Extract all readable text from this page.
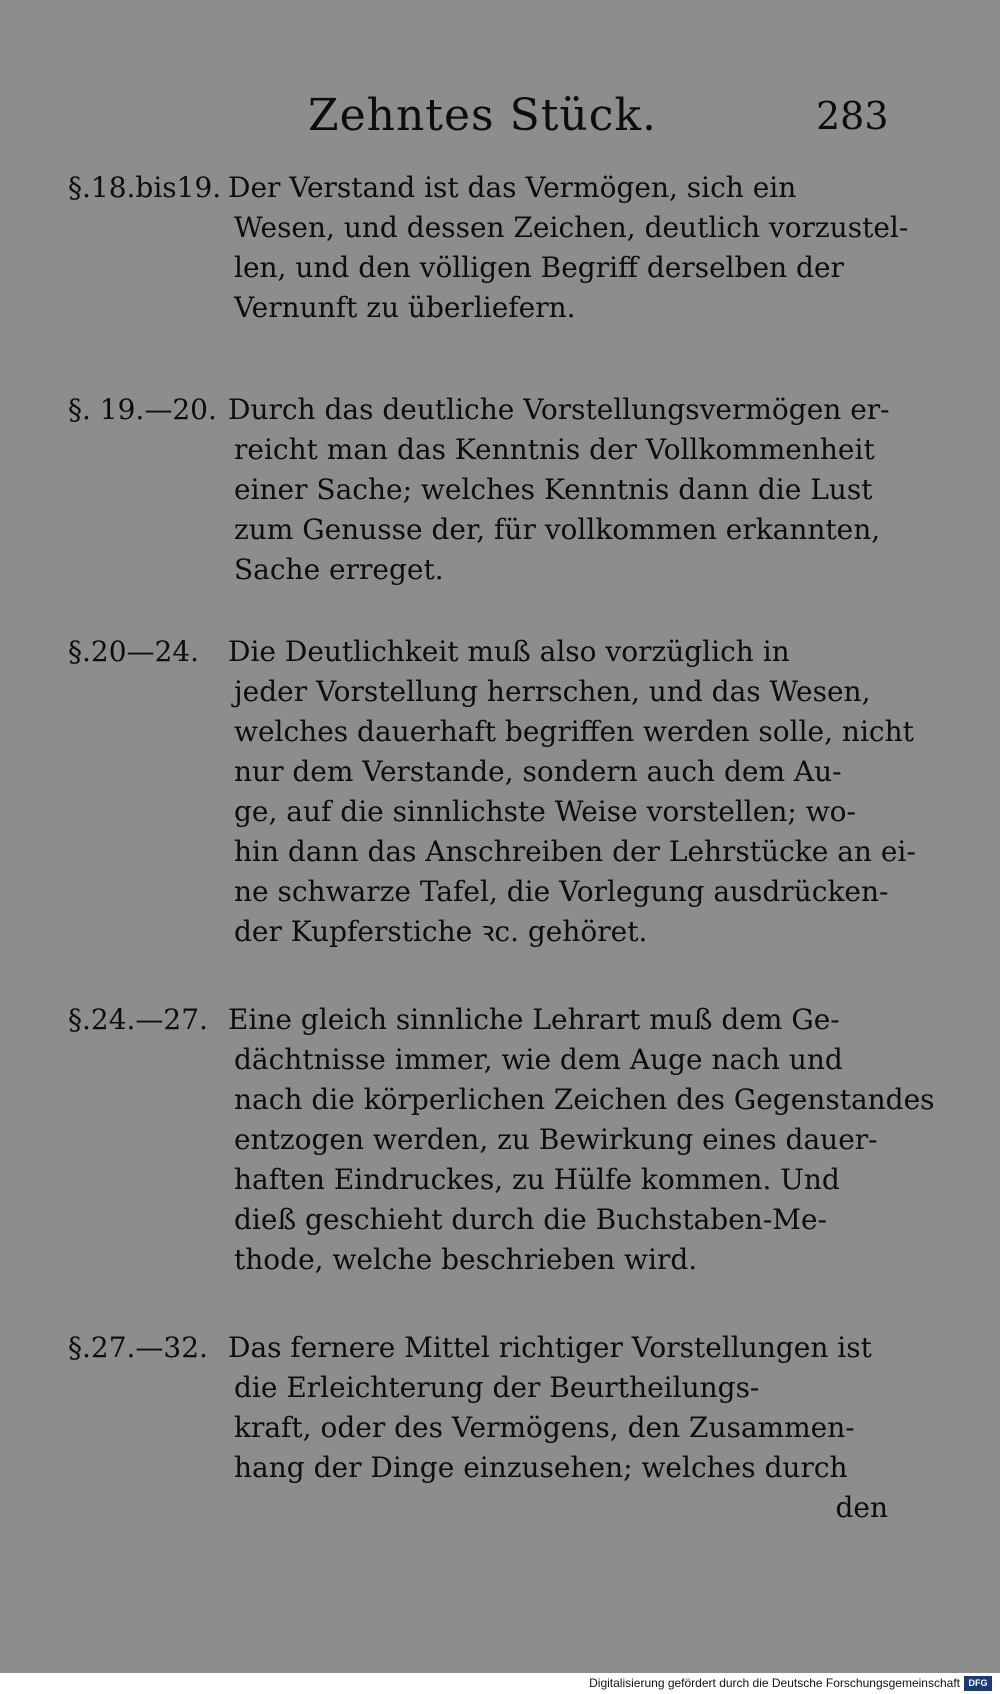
Zehntes Stück.	283
§.18.bis19. Der Verstand ist das Vermögen, sich ein
Wesen, und dessen Zeichen, deutlich vorzustel-
len, und den völligen Begriff derselben der
Vernunft zu überliefern.
§. 19.—20. Durch das deutliche Vorstellungsvermögen er-
reicht man das Kenntnis der Vollkommenheit
einer Sache; welches Kenntnis dann die Lust
zum Genusse der, für vollkommen erkannten,
Sache erreget.
§.20—24. Die Deutlichkeit muß also vorzüglich in
jeder Vorstellung herrschen, und das Wesen,
welches dauerhaft begriffen werden solle, nicht
nur dem Verstande, sondern auch dem Au-
ge, auf die sinnlichste Weise vorstellen; wo-
hin dann das Anschreiben der Lehrstücke an ei-
ne schwarze Tafel, die Vorlegung ausdrücken-
der Kupferstiche ꝛc. gehöret.
§.24.—27. Eine gleich sinnliche Lehrart muß dem Ge-
dächtnisse immer, wie dem Auge nach und
nach die körperlichen Zeichen des Gegenstandes
entzogen werden, zu Bewirkung eines dauer-
haften Eindruckes, zu Hülfe kommen. Und
dieß geschieht durch die Buchstaben-Me-
thode, welche beschrieben wird.
§.27.—32. Das fernere Mittel richtiger Vorstellungen ist
die Erleichterung der Beurtheilungs-
kraft, oder des Vermögens, den Zusammen-
hang der Dinge einzusehen; welches durch
den
Digitalisierung gefördert durch die Deutsche Forschungsgemeinschaft DFG
